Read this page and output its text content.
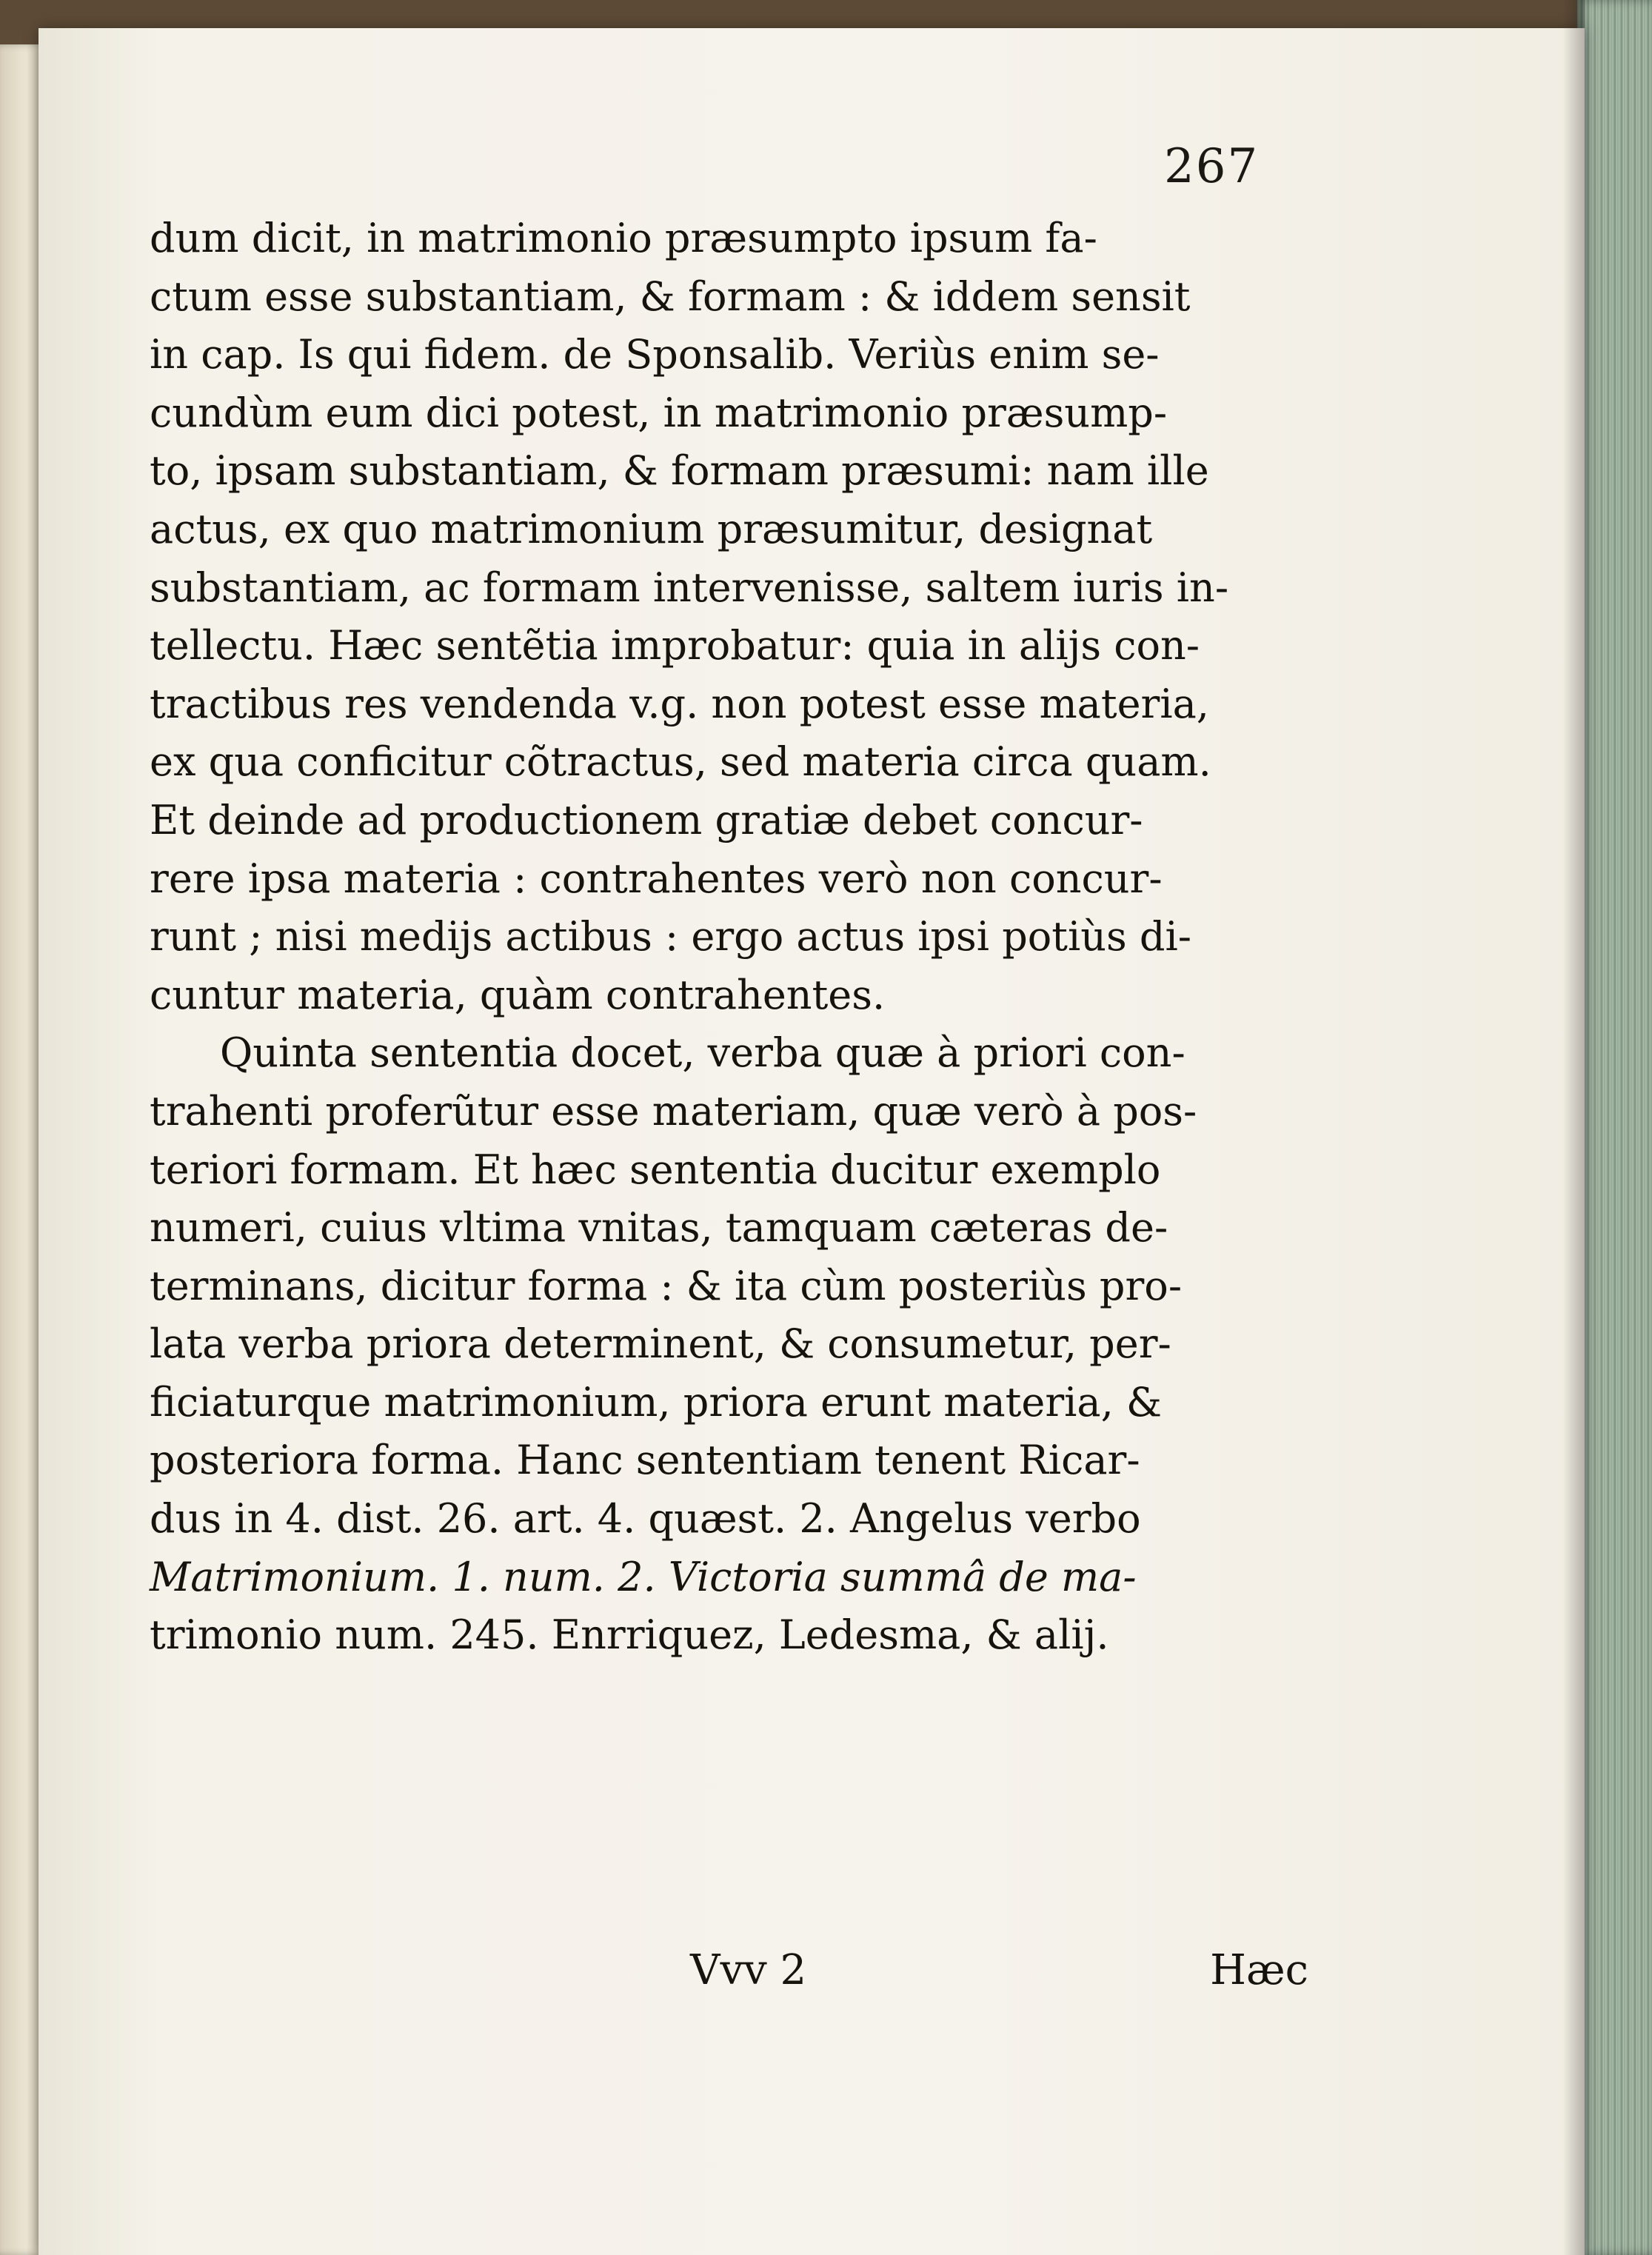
267
dum dicit, in matrimonio præsumpto ipsum fa-
ctum esse substantiam, & formam : & iddem sensit
in cap. Is qui fidem. de Sponsalib. Veriùs enim se-
cundùm eum dici potest, in matrimonio præsump-
to, ipsam substantiam, & formam præsumi: nam ille
actus, ex quo matrimonium præsumitur, designat
substantiam, ac formam intervenisse, saltem iuris in-
tellectu. Hæc sentẽtia improbatur: quia in alijs con-
tractibus res vendenda v.g. non potest esse materia,
ex qua conficitur cõtractus, sed materia circa quam.
Et deinde ad productionem gratiæ debet concur-
rere ipsa materia : contrahentes verò non concur-
runt ; nisi medijs actibus : ergo actus ipsi potiùs di-
cuntur materia, quàm contrahentes.
Quinta sententia docet, verba quæ à priori con-
trahenti proferũtur esse materiam, quæ verò à pos-
teriori formam. Et hæc sententia ducitur exemplo
numeri, cuius vltima vnitas, tamquam cæteras de-
terminans, dicitur forma : & ita cùm posteriùs pro-
lata verba priora determinent, & consumetur, per-
ficiaturque matrimonium, priora erunt materia, &
posteriora forma. Hanc sententiam tenent Ricar-
dus in 4. dist. 26. art. 4. quæst. 2. Angelus verbo
Matrimonium. 1. num. 2. Victoria summâ de ma-
trimonio num. 245. Enrriquez, Ledesma, & alij.
Vvv 2	Hæc
